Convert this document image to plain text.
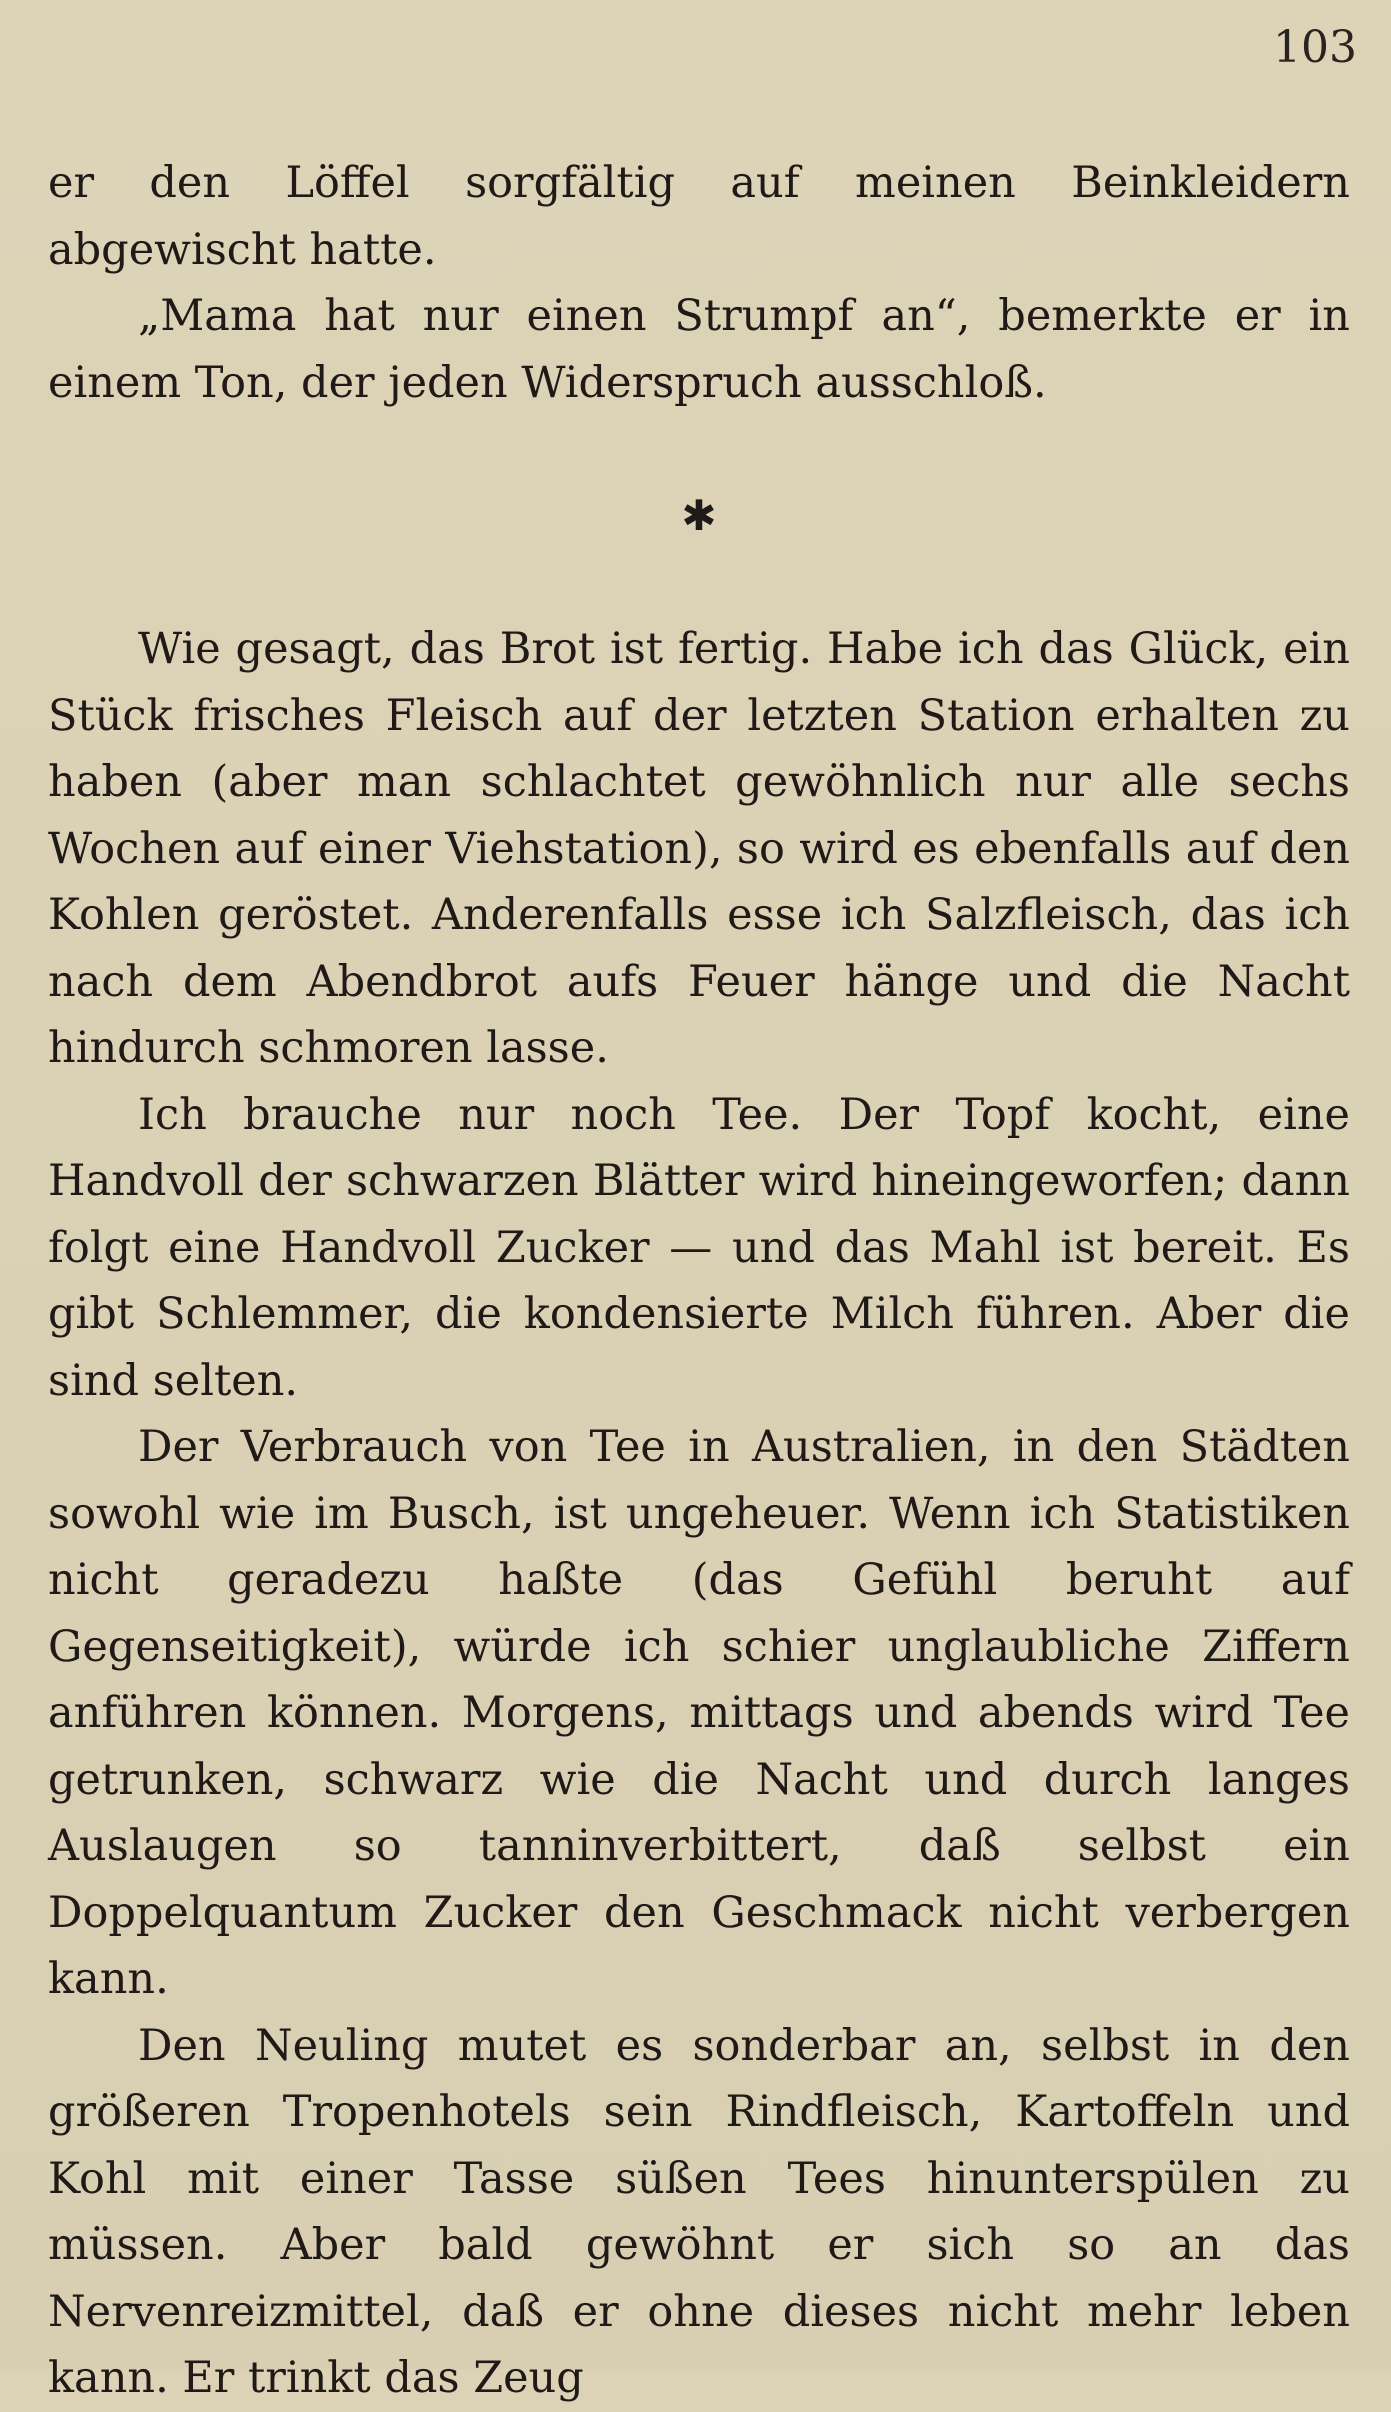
103

er den Löffel sorgfältig auf meinen Beinkleidern abgewischt hatte.

„Mama hat nur einen Strumpf an“, bemerkte er in einem Ton, der jeden Widerspruch ausschloß.

✱

Wie gesagt, das Brot ist fertig. Habe ich das Glück, ein Stück frisches Fleisch auf der letzten Station erhalten zu haben (aber man schlachtet gewöhnlich nur alle sechs Wochen auf einer Viehstation), so wird es ebenfalls auf den Kohlen geröstet. Anderenfalls esse ich Salzfleisch, das ich nach dem Abendbrot aufs Feuer hänge und die Nacht hindurch schmoren lasse.

Ich brauche nur noch Tee. Der Topf kocht, eine Handvoll der schwarzen Blätter wird hineingeworfen; dann folgt eine Handvoll Zucker — und das Mahl ist bereit. Es gibt Schlemmer, die kondensierte Milch führen. Aber die sind selten.

Der Verbrauch von Tee in Australien, in den Städten sowohl wie im Busch, ist ungeheuer. Wenn ich Statistiken nicht geradezu haßte (das Gefühl beruht auf Gegenseitigkeit), würde ich schier unglaubliche Ziffern anführen können. Morgens, mittags und abends wird Tee getrunken, schwarz wie die Nacht und durch langes Auslaugen so tanninverbittert, daß selbst ein Doppelquantum Zucker den Geschmack nicht verbergen kann.

Den Neuling mutet es sonderbar an, selbst in den größeren Tropenhotels sein Rindfleisch, Kartoffeln und Kohl mit einer Tasse süßen Tees hinunterspülen zu müssen. Aber bald gewöhnt er sich so an das Nervenreizmittel, daß er ohne dieses nicht mehr leben kann. Er trinkt das Zeug
